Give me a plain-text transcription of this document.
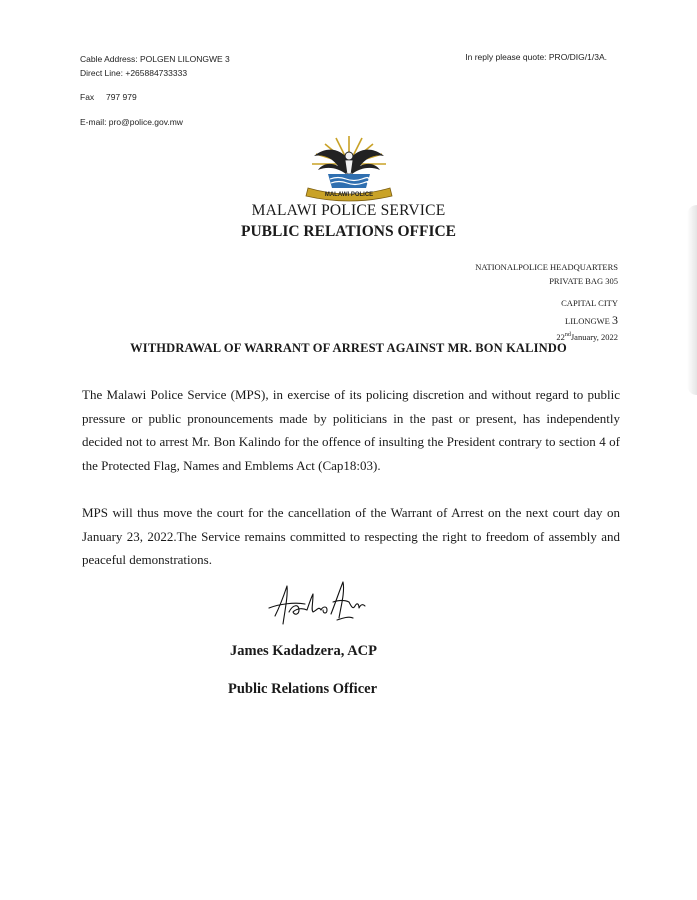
Cable Address: POLGEN LILONGWE 3
Direct Line: +265884733333
In reply please quote: PRO/DIG/1/3A.
Fax     797 979
E-mail: pro@police.gov.mw
MALAWI POLICE
MALAWI POLICE SERVICE
PUBLIC RELATIONS OFFICE
NATIONALPOLICE HEADQUARTERS
PRIVATE BAG 305
CAPITAL CITY
LILONGWE 3
22ndJanuary, 2022
WITHDRAWAL OF WARRANT OF ARREST AGAINST MR. BON KALINDO
The Malawi Police Service (MPS), in exercise of its policing discretion and without regard to public pressure or public pronouncements made by politicians in the past or present, has independently decided not to arrest Mr. Bon Kalindo for the offence of insulting the President contrary to section 4 of the Protected Flag, Names and Emblems Act (Cap18:03).
MPS will thus move the court for the cancellation of the Warrant of Arrest on the next court day on January 23, 2022.The Service remains committed to respecting the right to freedom of assembly and peaceful demonstrations.
James Kadadzera, ACP
Public Relations Officer
